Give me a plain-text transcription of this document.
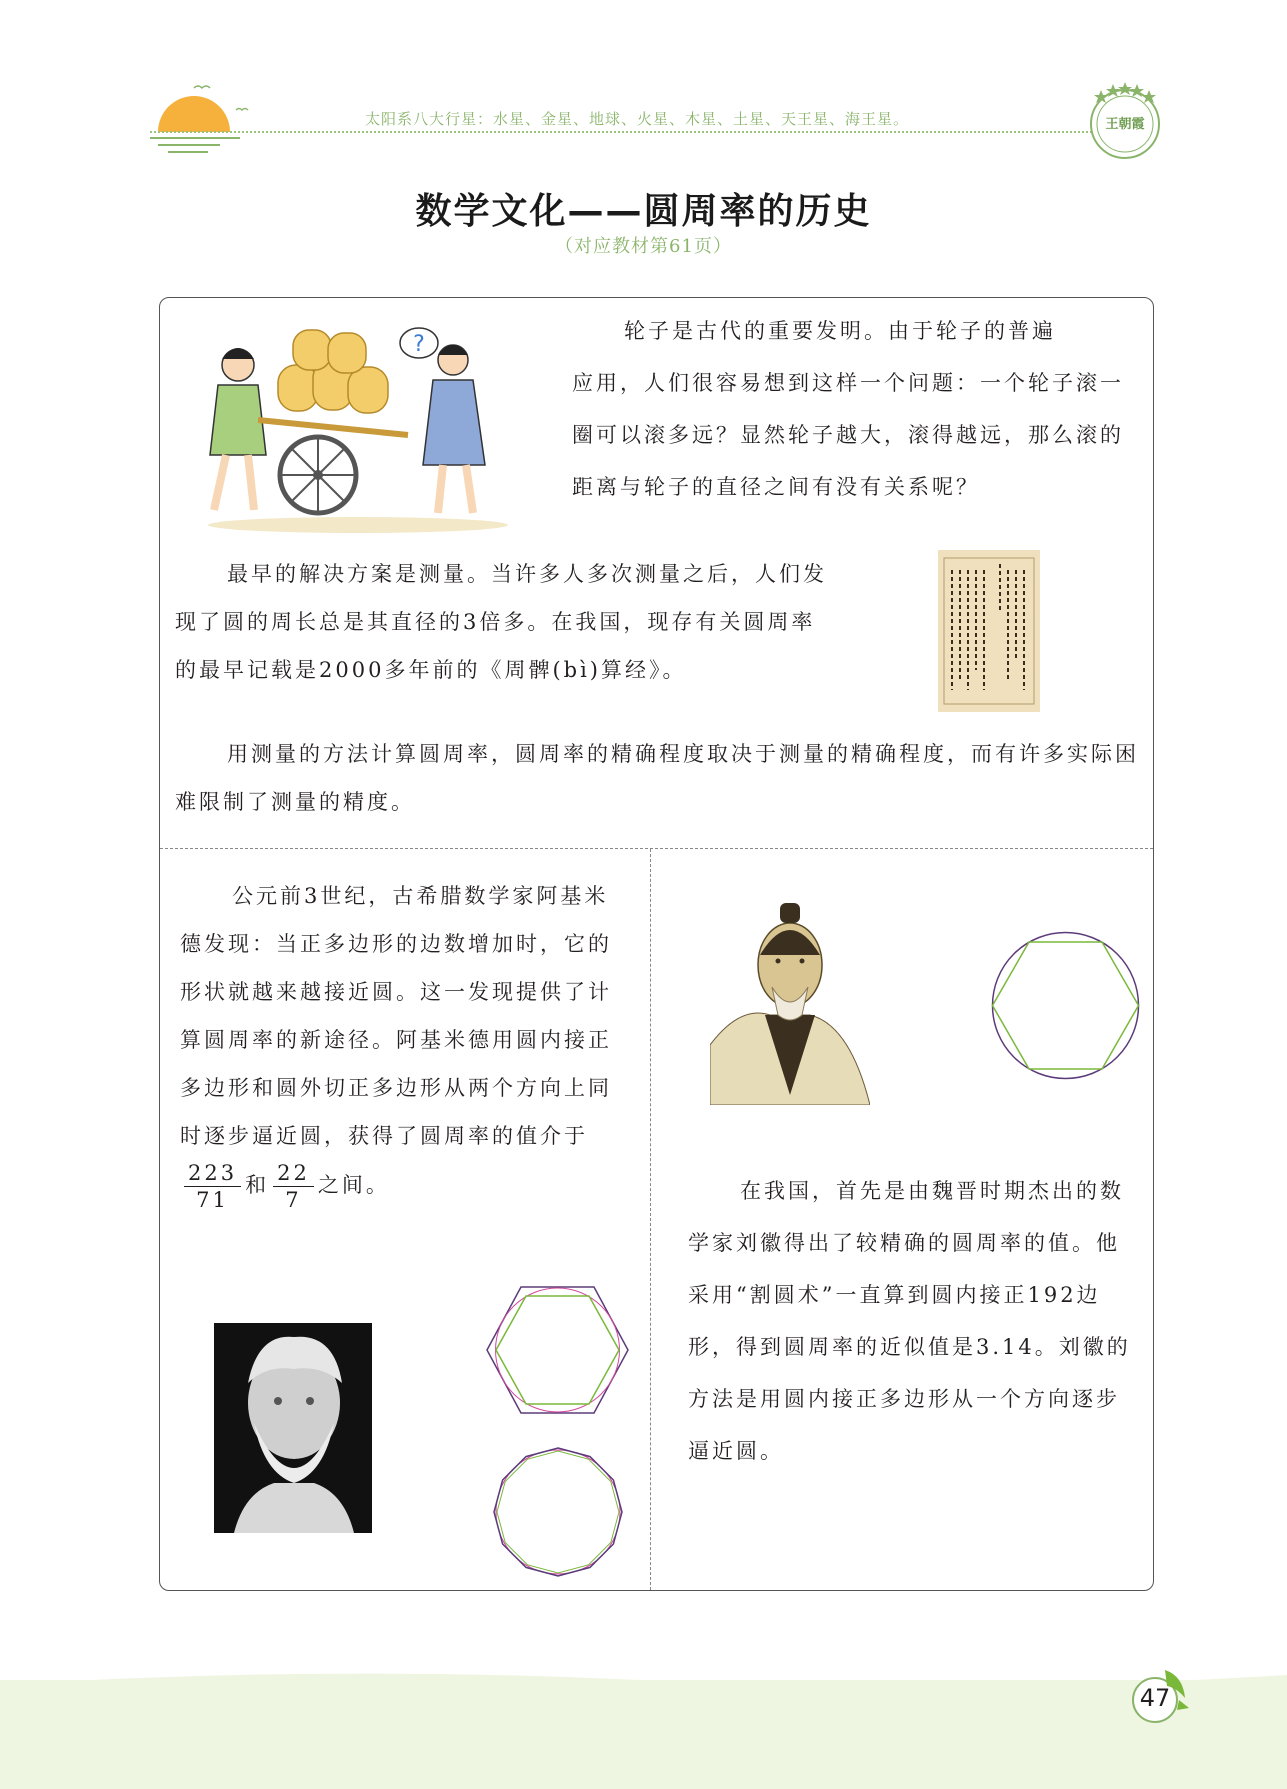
太阳系八大行星：水星、金星、地球、火星、木星、土星、天王星、海王星。	王朝霞
数学文化——圆周率的历史
（对应教材第61页）
?
轮子是古代的重要发明。由于轮子的普遍
应用，人们很容易想到这样一个问题：一个轮子滚一圈可以滚多远？显然轮子越大，滚得越远，那么滚的距离与轮子的直径之间有没有关系呢？
最早的解决方案是测量。当许多人多次测量之后，人们发现了圆的周长总是其直径的3倍多。在我国，现存有关圆周率的最早记载是2000多年前的《周髀(bì)算经》。
用测量的方法计算圆周率，圆周率的精确程度取决于测量的精确程度，而有许多实际困难限制了测量的精度。
公元前3世纪，古希腊数学家阿基米德发现：当正多边形的边数增加时，它的形状就越来越接近圆。这一发现提供了计算圆周率的新途径。阿基米德用圆内接正多边形和圆外切正多边形从两个方向上同时逐步逼近圆，获得了圆周率的值介于
$\frac{223}{71}$ 和 $\frac{22}{7}$ 之间。	在我国，首先是由魏晋时期杰出的数学家刘徽得出了较精确的圆周率的值。他采用“割圆术”一直算到圆内接正192边形，得到圆周率的近似值是3.14。刘徽的方法是用圆内接正多边形从一个方向逐步逼近圆。
47
